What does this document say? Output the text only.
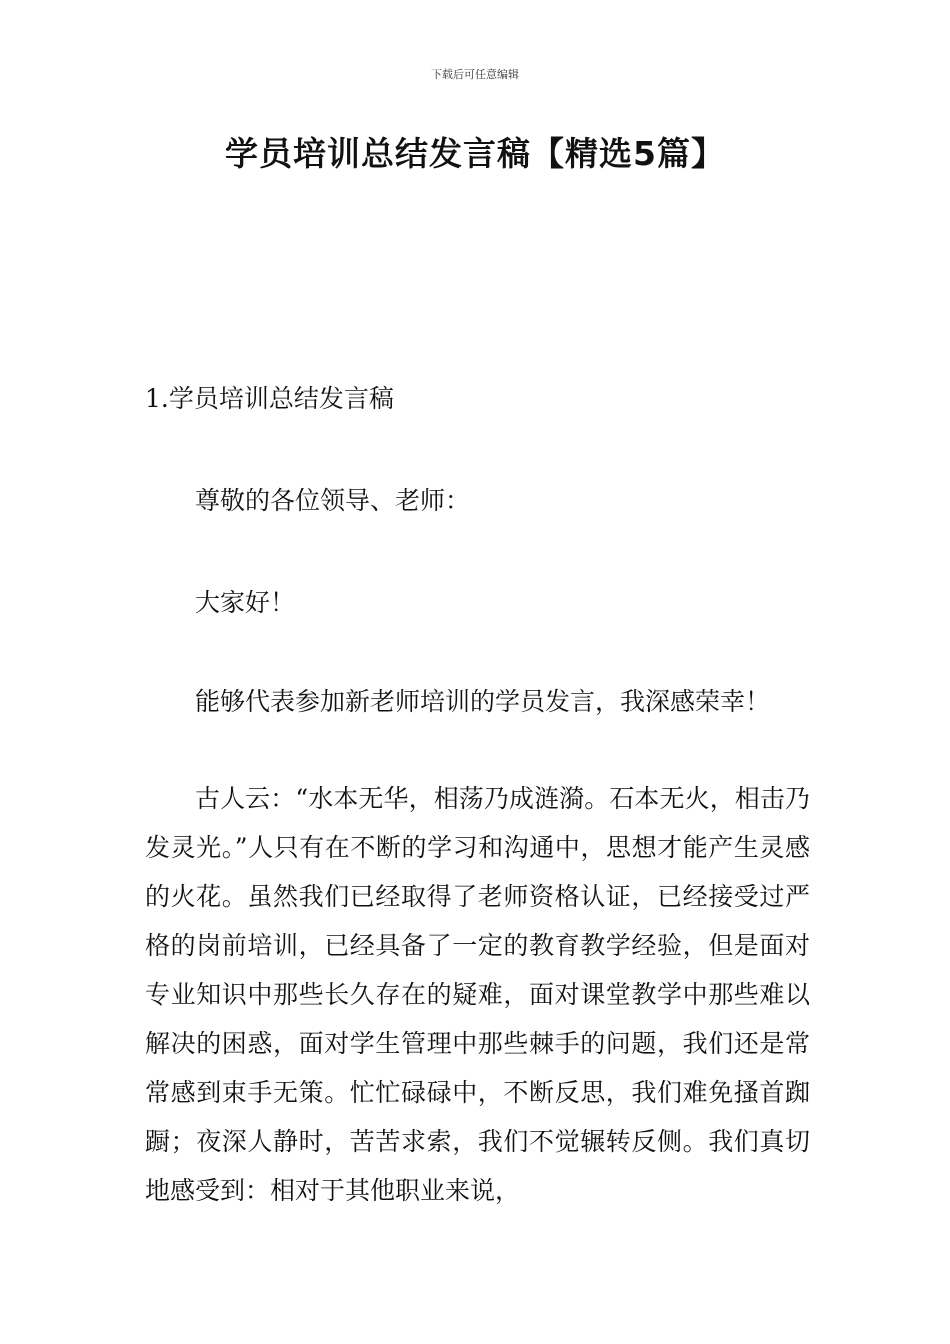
下载后可任意编辑
学员培训总结发言稿【精选5篇】
1.学员培训总结发言稿
尊敬的各位领导、老师：
大家好！
能够代表参加新老师培训的学员发言，我深感荣幸！
古人云：“水本无华，相荡乃成涟漪。石本无火，相击乃发灵光。”人只有在不断的学习和沟通中，思想才能产生灵感的火花。虽然我们已经取得了老师资格认证，已经接受过严格的岗前培训，已经具备了一定的教育教学经验，但是面对专业知识中那些长久存在的疑难，面对课堂教学中那些难以解决的困惑，面对学生管理中那些棘手的问题，我们还是常常感到束手无策。忙忙碌碌中，不断反思，我们难免搔首踟蹰；夜深人静时，苦苦求索，我们不觉辗转反侧。我们真切地感受到：相对于其他职业来说，
